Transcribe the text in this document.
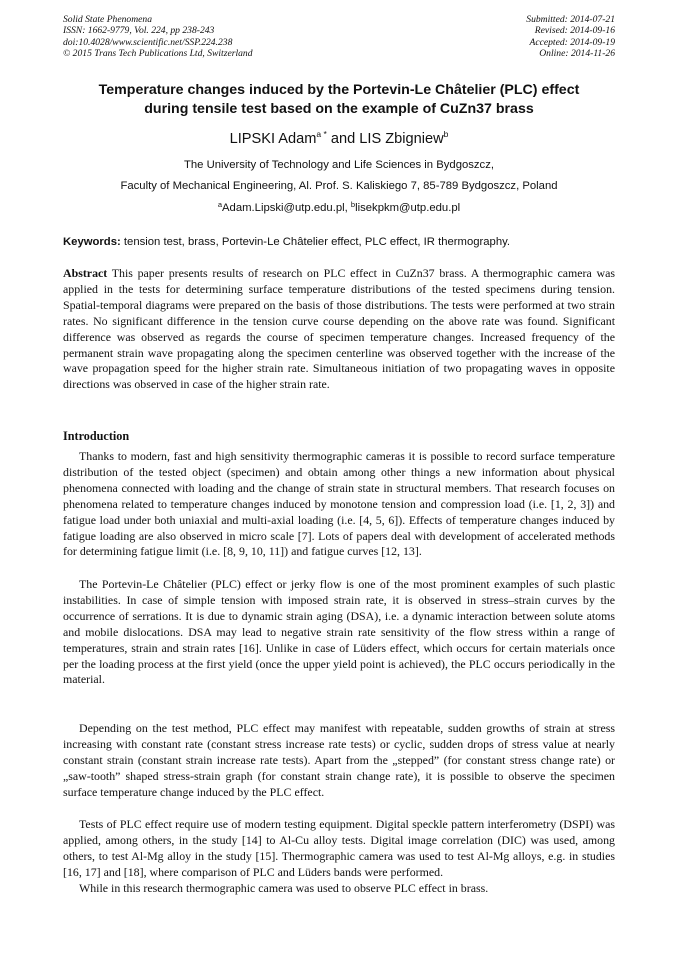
Solid State Phenomena
ISSN: 1662-9779, Vol. 224, pp 238-243
doi:10.4028/www.scientific.net/SSP.224.238
© 2015 Trans Tech Publications Ltd, Switzerland
Submitted: 2014-07-21
Revised: 2014-09-16
Accepted: 2014-09-19
Online: 2014-11-26
Temperature changes induced by the Portevin-Le Châtelier (PLC) effect
during tensile test based on the example of CuZn37 brass
LIPSKI Adam$^{a *}$ and LIS Zbigniew$^b$
The University of Technology and Life Sciences in Bydgoszcz,
Faculty of Mechanical Engineering, Al. Prof. S. Kaliskiego 7, 85-789 Bydgoszcz, Poland
$^a$Adam.Lipski@utp.edu.pl, $^b$lisekpkm@utp.edu.pl
Keywords: tension test, brass, Portevin-Le Châtelier effect, PLC effect, IR thermography.

Abstract This paper presents results of research on PLC effect in CuZn37 brass. A thermographic camera was applied in the tests for determining surface temperature distributions of the tested specimens during tension. Spatial-temporal diagrams were prepared on the basis of those distributions. The tests were performed at two strain rates. No significant difference in the tension curve course depending on the above rate was found. Significant difference was observed as regards the course of specimen temperature changes. Increased frequency of the permanent strain wave propagating along the specimen centerline was observed together with the increase of the wave propagation speed for the higher strain rate. Simultaneous initiation of two propagating waves in opposite directions was observed in case of the higher strain rate.

Introduction

Thanks to modern, fast and high sensitivity thermographic cameras it is possible to record surface temperature distribution of the tested object (specimen) and obtain among other things a new information about physical phenomena connected with loading and the change of strain state in structural members. That research focuses on phenomena related to temperature changes induced by monotone tension and compression load (i.e. [1, 2, 3]) and fatigue load under both uniaxial and multi-axial loading (i.e. [4, 5, 6]). Effects of temperature changes induced by fatigue loading are also observed in micro scale [7]. Lots of papers deal with development of accelerated methods for determining fatigue limit (i.e. [8, 9, 10, 11]) and fatigue curves [12, 13].

The Portevin-Le Châtelier (PLC) effect or jerky flow is one of the most prominent examples of such plastic instabilities. In case of simple tension with imposed strain rate, it is observed in stress–strain curves by the occurrence of serrations. It is due to dynamic strain aging (DSA), i.e. a dynamic interaction between solute atoms and mobile dislocations. DSA may lead to negative strain rate sensitivity of the flow stress within a range of temperatures, strain and strain rates [16]. Unlike in case of Lüders effect, which occurs for certain materials once per the loading process at the first yield (once the upper yield point is achieved), the PLC occurs periodically in the material.

Depending on the test method, PLC effect may manifest with repeatable, sudden growths of strain at stress increasing with constant rate (constant stress increase rate tests) or cyclic, sudden drops of stress value at nearly constant strain (constant strain increase rate tests). Apart from the „stepped” (for constant stress change rate) or „saw-tooth” shaped stress-strain graph (for constant strain change rate), it is possible to observe the specimen surface temperature change induced by the PLC effect.

Tests of PLC effect require use of modern testing equipment. Digital speckle pattern interferometry (DSPI) was applied, among others, in the study [14] to Al-Cu alloy tests. Digital image correlation (DIC) was used, among others, to test Al-Mg alloy in the study [15]. Thermographic camera was used to test Al-Mg alloys, e.g. in studies [16, 17] and [18], where comparison of PLC and Lüders bands were performed.

While in this research thermographic camera was used to observe PLC effect in brass.
